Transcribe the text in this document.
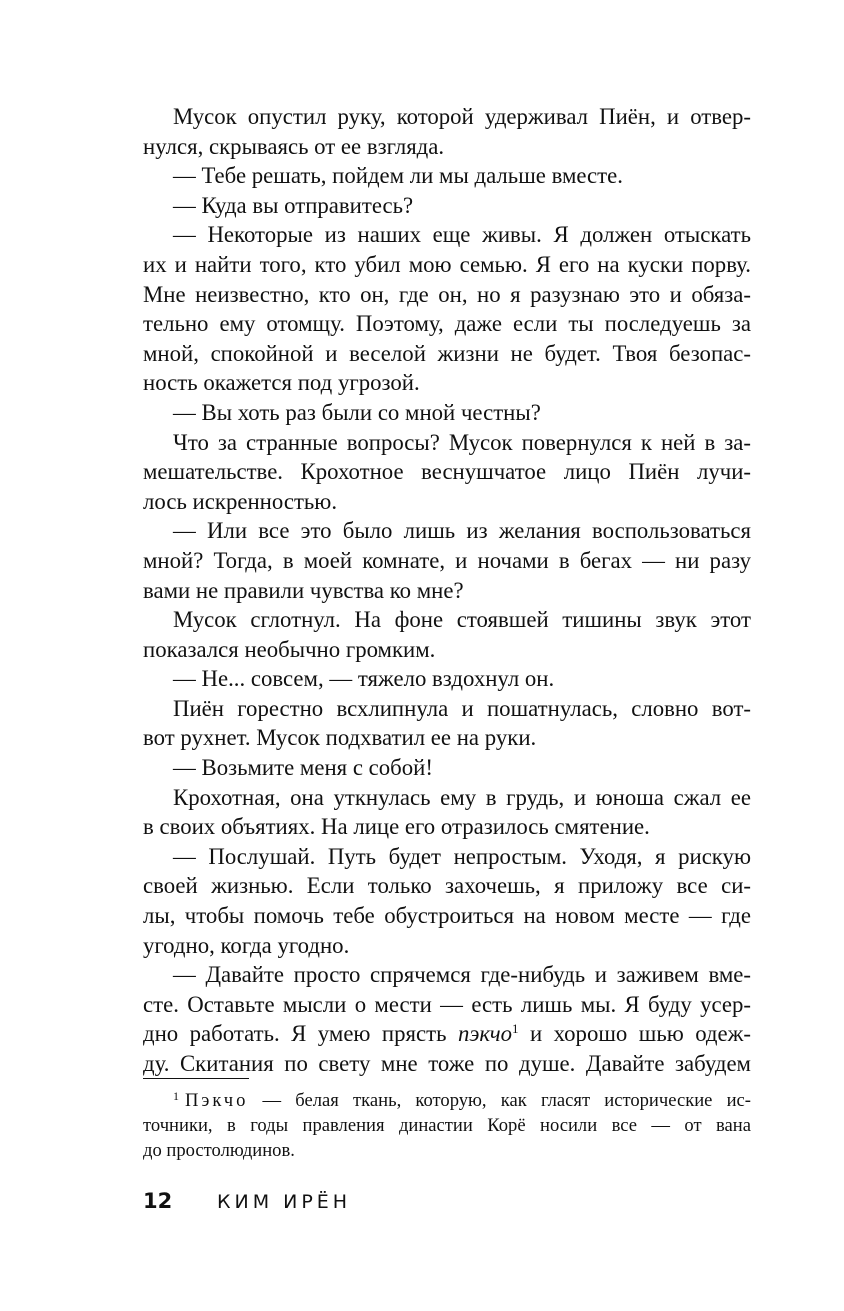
Мусок опустил руку, которой удерживал Пиён, и отвер-
нулся, скрываясь от ее взгляда.
— Тебе решать, пойдем ли мы дальше вместе.
— Куда вы отправитесь?
— Некоторые из наших еще живы. Я должен отыскать
их и найти того, кто убил мою семью. Я его на куски порву.
Мне неизвестно, кто он, где он, но я разузнаю это и обяза-
тельно ему отомщу. Поэтому, даже если ты последуешь за
мной, спокойной и веселой жизни не будет. Твоя безопас-
ность окажется под угрозой.
— Вы хоть раз были со мной честны?
Что за странные вопросы? Мусок повернулся к ней в за-
мешательстве. Крохотное веснушчатое лицо Пиён лучи-
лось искренностью.
— Или все это было лишь из желания воспользоваться
мной? Тогда, в моей комнате, и ночами в бегах — ни разу
вами не правили чувства ко мне?
Мусок сглотнул. На фоне стоявшей тишины звук этот
показался необычно громким.
— Не... совсем, — тяжело вздохнул он.
Пиён горестно всхлипнула и пошатнулась, словно вот-
вот рухнет. Мусок подхватил ее на руки.
— Возьмите меня с собой!
Крохотная, она уткнулась ему в грудь, и юноша сжал ее
в своих объятиях. На лице его отразилось смятение.
— Послушай. Путь будет непростым. Уходя, я рискую
своей жизнью. Если только захочешь, я приложу все си-
лы, чтобы помочь тебе обустроиться на новом месте — где
угодно, когда угодно.
— Давайте просто спрячемся где-нибудь и заживем вме-
сте. Оставьте мысли о мести — есть лишь мы. Я буду усер-
дно работать. Я умею прясть пэкчо$^1$ и хорошо шью одеж-
ду. Скитания по свету мне тоже по душе. Давайте забудем
$^1$ Пэкчо — белая ткань, которую, как гласят исторические ис-
точники, в годы правления династии Корё носили все — от вана
до простолюдинов.
12 КИМ ИРЁН
